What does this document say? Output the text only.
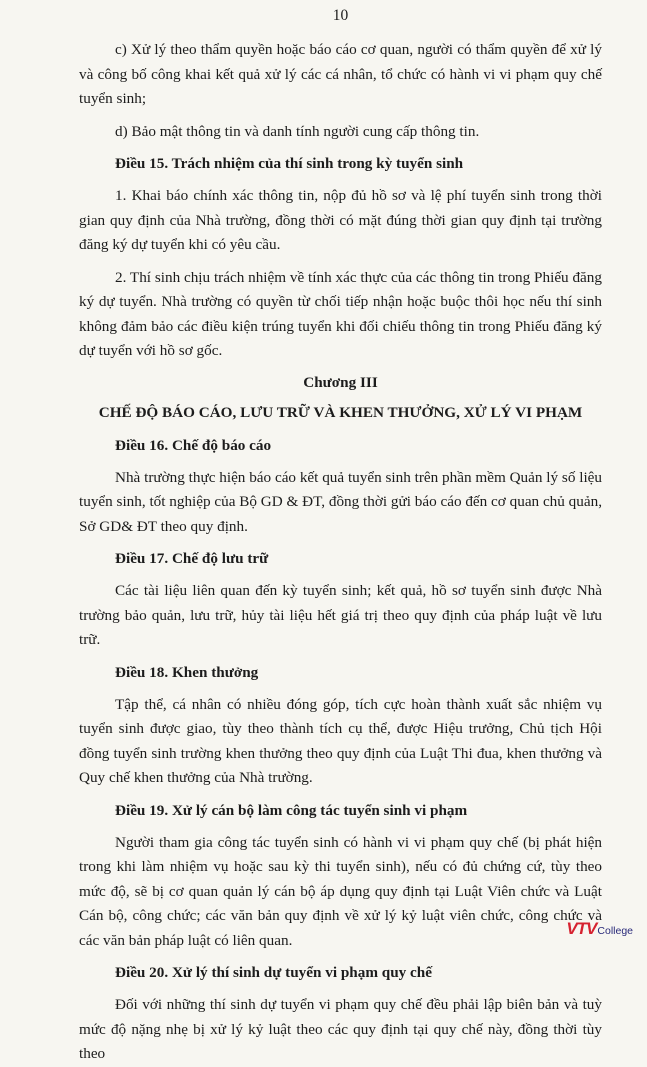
10
c) Xử lý theo thẩm quyền hoặc báo cáo cơ quan, người có thẩm quyền để xử lý và công bố công khai kết quả xử lý các cá nhân, tổ chức có hành vi vi phạm quy chế tuyển sinh;
d) Bảo mật thông tin và danh tính người cung cấp thông tin.
Điều 15. Trách nhiệm của thí sinh trong kỳ tuyển sinh
1. Khai báo chính xác thông tin, nộp đủ hồ sơ và lệ phí tuyển sinh trong thời gian quy định của Nhà trường, đồng thời có mặt đúng thời gian quy định tại trường đăng ký dự tuyển khi có yêu cầu.
2. Thí sinh chịu trách nhiệm về tính xác thực của các thông tin trong Phiếu đăng ký dự tuyển. Nhà trường có quyền từ chối tiếp nhận hoặc buộc thôi học nếu thí sinh không đảm bảo các điều kiện trúng tuyển khi đối chiếu thông tin trong Phiếu đăng ký dự tuyển với hồ sơ gốc.
Chương III
CHẾ ĐỘ BÁO CÁO, LƯU TRỮ VÀ KHEN THƯỞNG, XỬ LÝ VI PHẠM
Điều 16. Chế độ báo cáo
Nhà trường thực hiện báo cáo kết quả tuyển sinh trên phần mềm Quản lý số liệu tuyển sinh, tốt nghiệp của Bộ GD & ĐT, đồng thời gửi báo cáo đến cơ quan chủ quản, Sở GD& ĐT theo quy định.
Điều 17. Chế độ lưu trữ
Các tài liệu liên quan đến kỳ tuyển sinh; kết quả, hồ sơ tuyển sinh được Nhà trường bảo quản, lưu trữ, hủy tài liệu hết giá trị theo quy định của pháp luật về lưu trữ.
Điều 18. Khen thưởng
Tập thể, cá nhân có nhiều đóng góp, tích cực hoàn thành xuất sắc nhiệm vụ tuyển sinh được giao, tùy theo thành tích cụ thể, được Hiệu trưởng, Chủ tịch Hội đồng tuyển sinh trường khen thưởng theo quy định của Luật Thi đua, khen thưởng và Quy chế khen thưởng của Nhà trường.
Điều 19. Xử lý cán bộ làm công tác tuyển sinh vi phạm
Người tham gia công tác tuyển sinh có hành vi vi phạm quy chế (bị phát hiện trong khi làm nhiệm vụ hoặc sau kỳ thi tuyển sinh), nếu có đủ chứng cứ, tùy theo mức độ, sẽ bị cơ quan quản lý cán bộ áp dụng quy định tại Luật Viên chức và Luật Cán bộ, công chức; các văn bản quy định về xử lý kỷ luật viên chức, công chức và các văn bản pháp luật có liên quan.
Điều 20. Xử lý thí sinh dự tuyển vi phạm quy chế
Đối với những thí sinh dự tuyển vi phạm quy chế đều phải lập biên bản và tuỳ mức độ nặng nhẹ bị xử lý kỷ luật theo các quy định tại quy chế này, đồng thời tùy theo
VTV College
